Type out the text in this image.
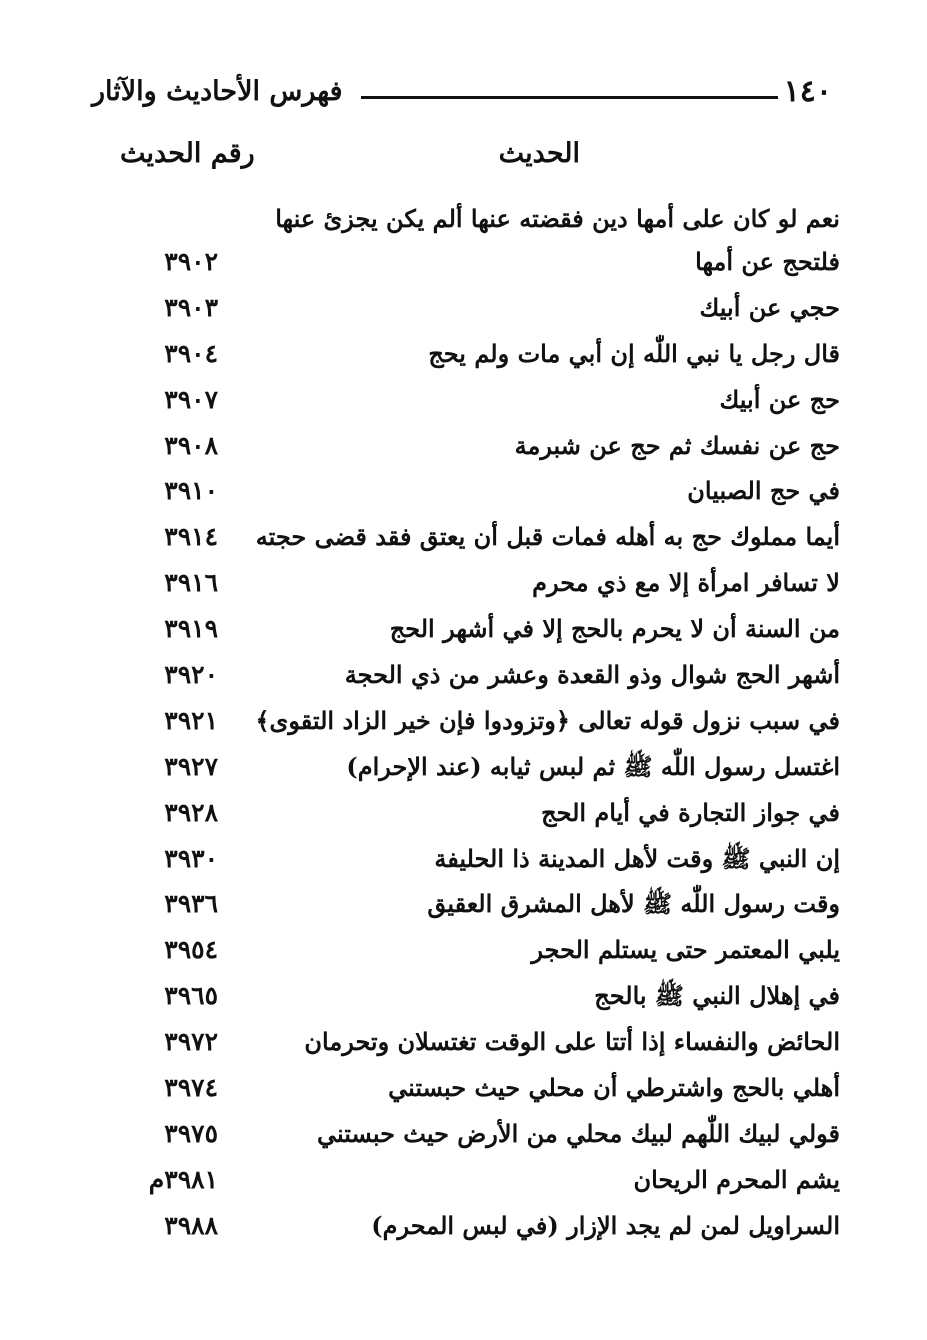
١٤٠
فهرس الأحاديث والآثار
الحديث
رقم الحديث
نعم لو كان على أمها دين فقضته عنها ألم يكن يجزئ عنها
فلتحج عن أمها
٣٩٠٢
حجي عن أبيك
٣٩٠٣
قال رجل يا نبي اللّٰه إن أبي مات ولم يحج
٣٩٠٤
حج عن أبيك
٣٩٠٧
حج عن نفسك ثم حج عن شبرمة
٣٩٠٨
في حج الصبيان
٣٩١٠
أيما مملوك حج به أهله فمات قبل أن يعتق فقد قضى حجته
٣٩١٤
لا تسافر امرأة إلا مع ذي محرم
٣٩١٦
من السنة أن لا يحرم بالحج إلا في أشهر الحج
٣٩١٩
أشهر الحج شوال وذو القعدة وعشر من ذي الحجة
٣٩٢٠
في سبب نزول قوله تعالى ﴿وتزودوا فإن خير الزاد التقوى﴾
٣٩٢١
اغتسل رسول اللّٰه ﷺ ثم لبس ثيابه (عند الإحرام)
٣٩٢٧
في جواز التجارة في أيام الحج
٣٩٢٨
إن النبي ﷺ وقت لأهل المدينة ذا الحليفة
٣٩٣٠
وقت رسول اللّٰه ﷺ لأهل المشرق العقيق
٣٩٣٦
يلبي المعتمر حتى يستلم الحجر
٣٩٥٤
في إهلال النبي ﷺ بالحج
٣٩٦٥
الحائض والنفساء إذا أتتا على الوقت تغتسلان وتحرمان
٣٩٧٢
أهلي بالحج واشترطي أن محلي حيث حبستني
٣٩٧٤
قولي لبيك اللّٰهم لبيك محلي من الأرض حيث حبستني
٣٩٧٥
يشم المحرم الريحان
٣٩٨١م
السراويل لمن لم يجد الإزار (في لبس المحرم)
٣٩٨٨
